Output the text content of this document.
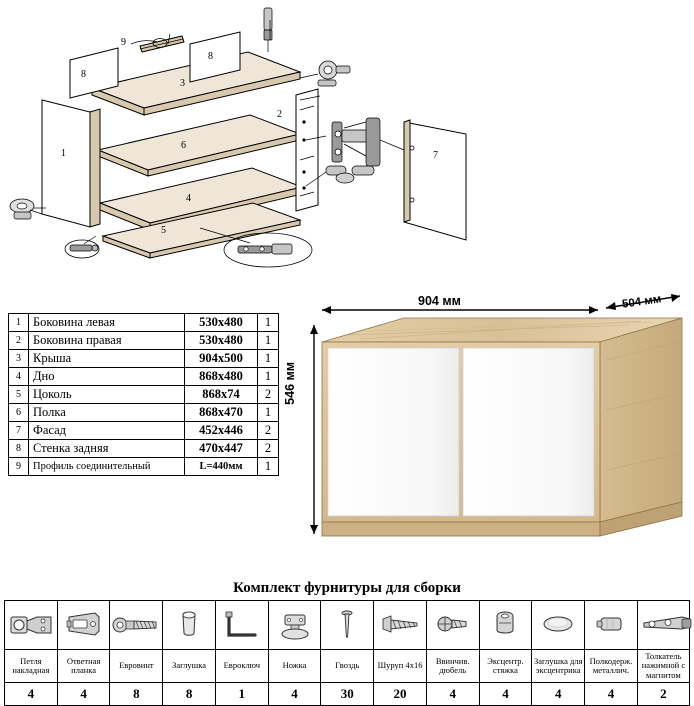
3
6
4
5
1
2
8
8
9
7
1	Боковина левая	530х480	1
2	Боковина правая	530х480	1
3	Крыша	904х500	1
4	Дно	868х480	1
5	Цоколь	868х74	2
6	Полка	868х470	1
7	Фасад	452х446	2
8	Стенка задняя	470х447	2
9	Профиль соединительный	L=440мм	1
904 мм	504 мм
546 мм
Комплект фурнитуры для сборки

Петля накладная	Ответная планка	Евровинт	Заглушка	Евроключ	Ножка	Гвоздь	Шуруп 4х16	Ввинчив. дюбель	Эксцентр. стяжка	Заглушка для эксцентрика	Полкодерж. металлич.	Толкатель нажимной с магнитом
4	4	8	8	1	4	30	20	4	4	4	4	2
